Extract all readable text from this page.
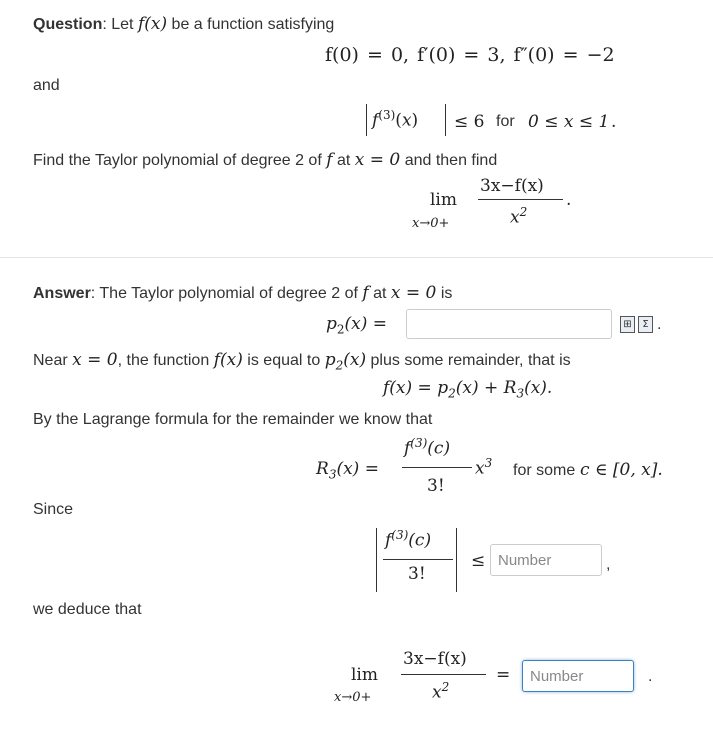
Question: Let f(x) be a function satisfying
f(0) = 0, f′(0) = 3, f″(0) = −2
and
$f^{(3)}(x) \le 6$ for 0 ≤ x ≤ 1 .
Find the Taylor polynomial of degree 2 of f at x = 0 and then find
lim
x→0+
3x−f(x)
$x^2$
.
Answer: The Taylor polynomial of degree 2 of f at x = 0 is
$p_2(x)$ =	⊞	Σ .
Near x = 0, the function f(x) is equal to $p_2(x)$ plus some remainder, that is
$f(x) = p_2(x) + R_3(x)$.
By the Lagrange formula for the remainder we know that
$R_3(x)$ =
$f^{(3)}(c)$
3!
$x^3$ for some c ∈ [0, x].
Since
$f^{(3)}(c)$
3!
≤ Number	,
we deduce that
lim
x→0+
3x−f(x)
$x^2$
=	Number	.
